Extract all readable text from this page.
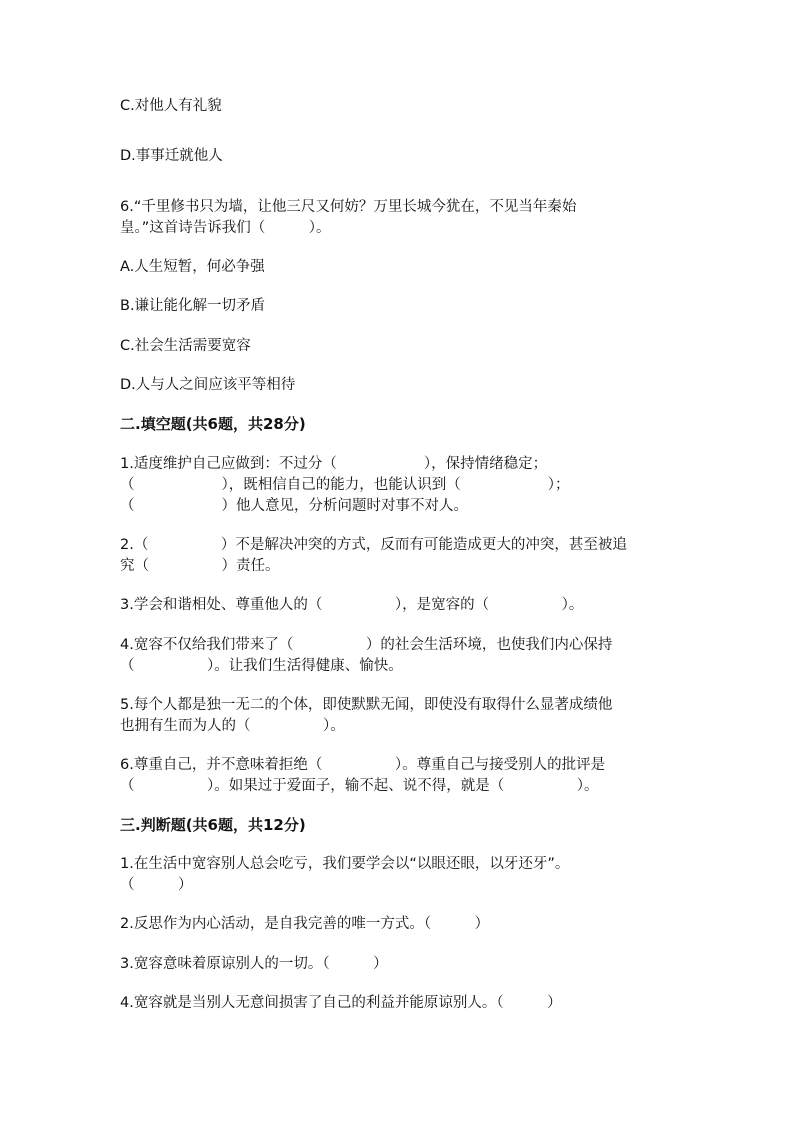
C.对他人有礼貌
D.事事迁就他人
6.“千里修书只为墙，让他三尺又何妨？万里长城今犹在，不见当年秦始
皇。”这首诗告诉我们（　　　）。
A.人生短暂，何必争强
B.谦让能化解一切矛盾
C.社会生活需要宽容
D.人与人之间应该平等相待
二.填空题(共6题，共28分)
1.适度维护自己应做到：不过分（　　　　　　），保持情绪稳定；
（　　　　　　），既相信自己的能力，也能认识到（　　　　　　）；
（　　　　　　）他人意见，分析问题时对事不对人。
2.（　　　　　）不是解决冲突的方式，反而有可能造成更大的冲突，甚至被追
究（　　　　　）责任。
3.学会和谐相处、尊重他人的（　　　　　），是宽容的（　　　　　）。
4.宽容不仅给我们带来了（　　　　　）的社会生活环境，也使我们内心保持
（　　　　　）。让我们生活得健康、愉快。
5.每个人都是独一无二的个体，即使默默无闻，即使没有取得什么显著成绩他
也拥有生而为人的（　　　　　）。
6.尊重自己，并不意味着拒绝（　　　　　）。尊重自己与接受别人的批评是
（　　　　　）。如果过于爱面子，输不起、说不得，就是（　　　　　）。
三.判断题(共6题，共12分)
1.在生活中宽容别人总会吃亏，我们要学会以“以眼还眼，以牙还牙”。
（　　　）
2.反思作为内心活动，是自我完善的唯一方式。（　　　）
3.宽容意味着原谅别人的一切。（　　　）
4.宽容就是当别人无意间损害了自己的利益并能原谅别人。（　　　）
